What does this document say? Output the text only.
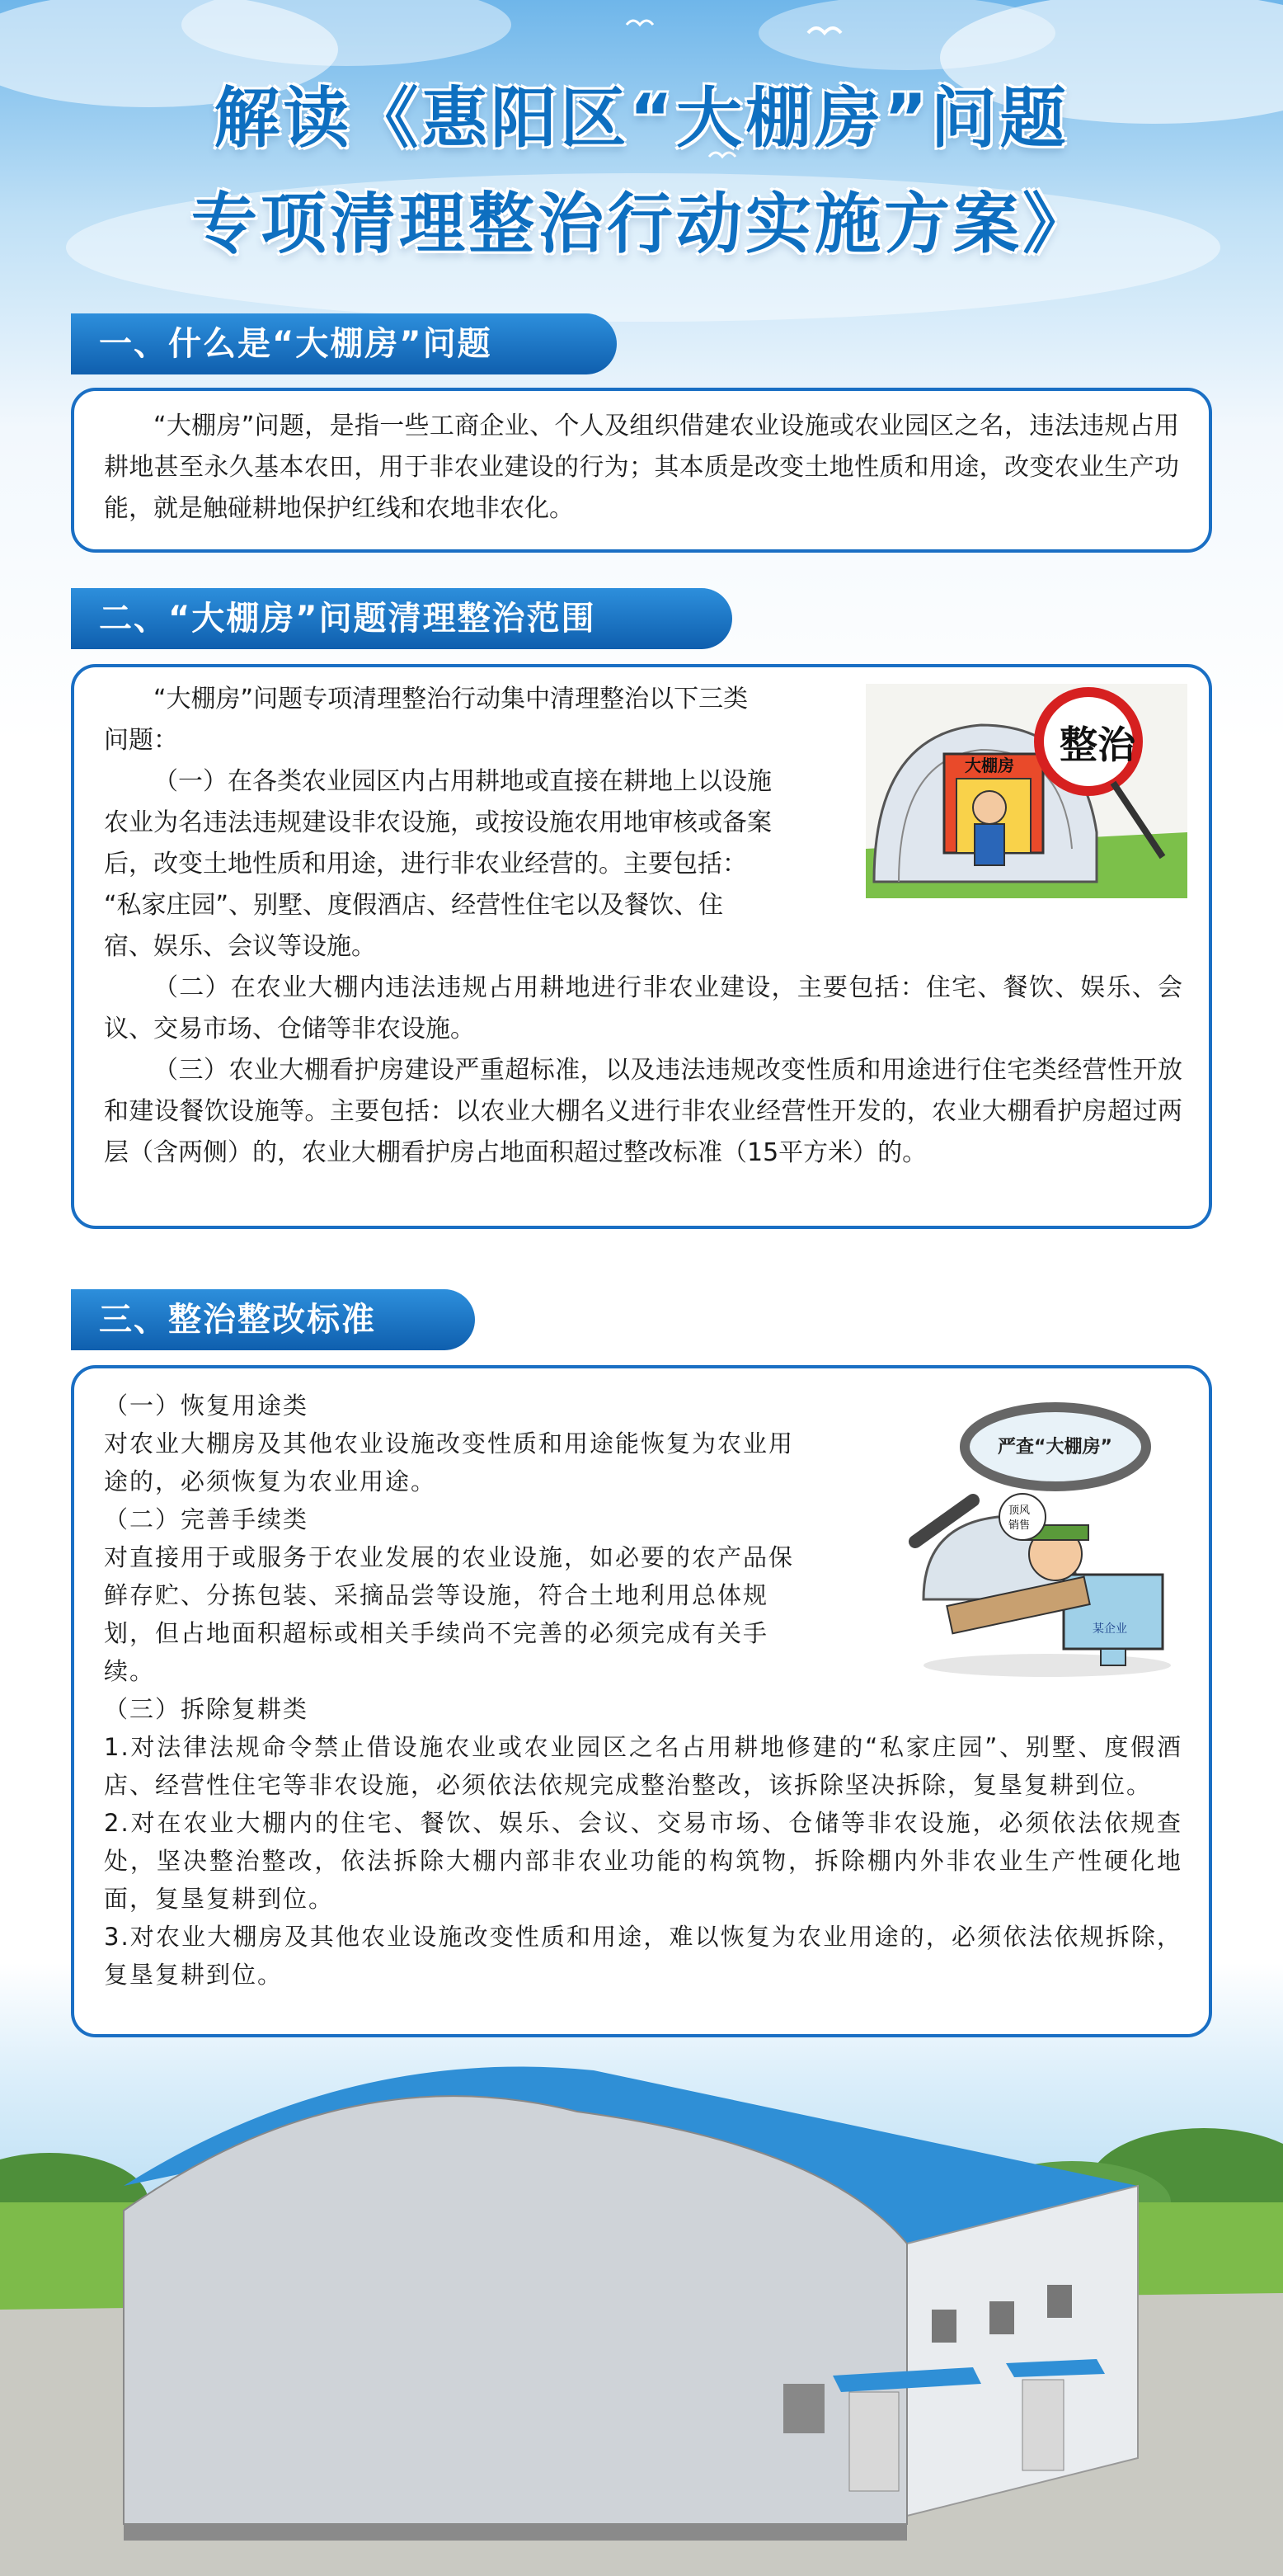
解读《惠阳区“大棚房”问题
专项清理整治行动实施方案》
一、什么是“大棚房”问题

“大棚房”问题，是指一些工商企业、个人及组织借建农业设施或农业园区之名，违法违规占用耕地甚至永久基本农田，用于非农业建设的行为；其本质是改变土地性质和用途，改变农业生产功能，就是触碰耕地保护红线和农地非农化。

二、“大棚房”问题清理整治范围

“大棚房”问题专项清理整治行动集中清理整治以下三类

问题：

（一）在各类农业园区内占用耕地或直接在耕地上以设施

农业为名违法违规建设非农设施，或按设施农用地审核或备案

后，改变土地性质和用途，进行非农业经营的。主要包括：

“私家庄园”、别墅、度假酒店、经营性住宅以及餐饮、住

宿、娱乐、会议等设施。

（二）在农业大棚内违法违规占用耕地进行非农业建设，主要包括：住宅、餐饮、娱乐、会议、交易市场、仓储等非农设施。

（三）农业大棚看护房建设严重超标准，以及违法违规改变性质和用途进行住宅类经营性开放和建设餐饮设施等。主要包括：以农业大棚名义进行非农业经营性开发的，农业大棚看护房超过两层（含两侧）的，农业大棚看护房占地面积超过整改标准（15平方米）的。

大棚房 整治
三、整治整改标准

（一）恢复用途类

对农业大棚房及其他农业设施改变性质和用途能恢复为农业用

途的，必须恢复为农业用途。

（二）完善手续类

对直接用于或服务于农业发展的农业设施，如必要的农产品保

鲜存贮、分拣包装、采摘品尝等设施，符合土地利用总体规

划，但占地面积超标或相关手续尚不完善的必须完成有关手

续。

（三）拆除复耕类

1.对法律法规命令禁止借设施农业或农业园区之名占用耕地修建的“私家庄园”、别墅、度假酒店、经营性住宅等非农设施，必须依法依规完成整治整改，该拆除坚决拆除，复垦复耕到位。

2.对在农业大棚内的住宅、餐饮、娱乐、会议、交易市场、仓储等非农设施，必须依法依规查处，坚决整治整改，依法拆除大棚内部非农业功能的构筑物，拆除棚内外非农业生产性硬化地面，复垦复耕到位。

3.对农业大棚房及其他农业设施改变性质和用途，难以恢复为农业用途的，必须依法依规拆除，复垦复耕到位。

顶风
销售
某企业
严查“大棚房”
